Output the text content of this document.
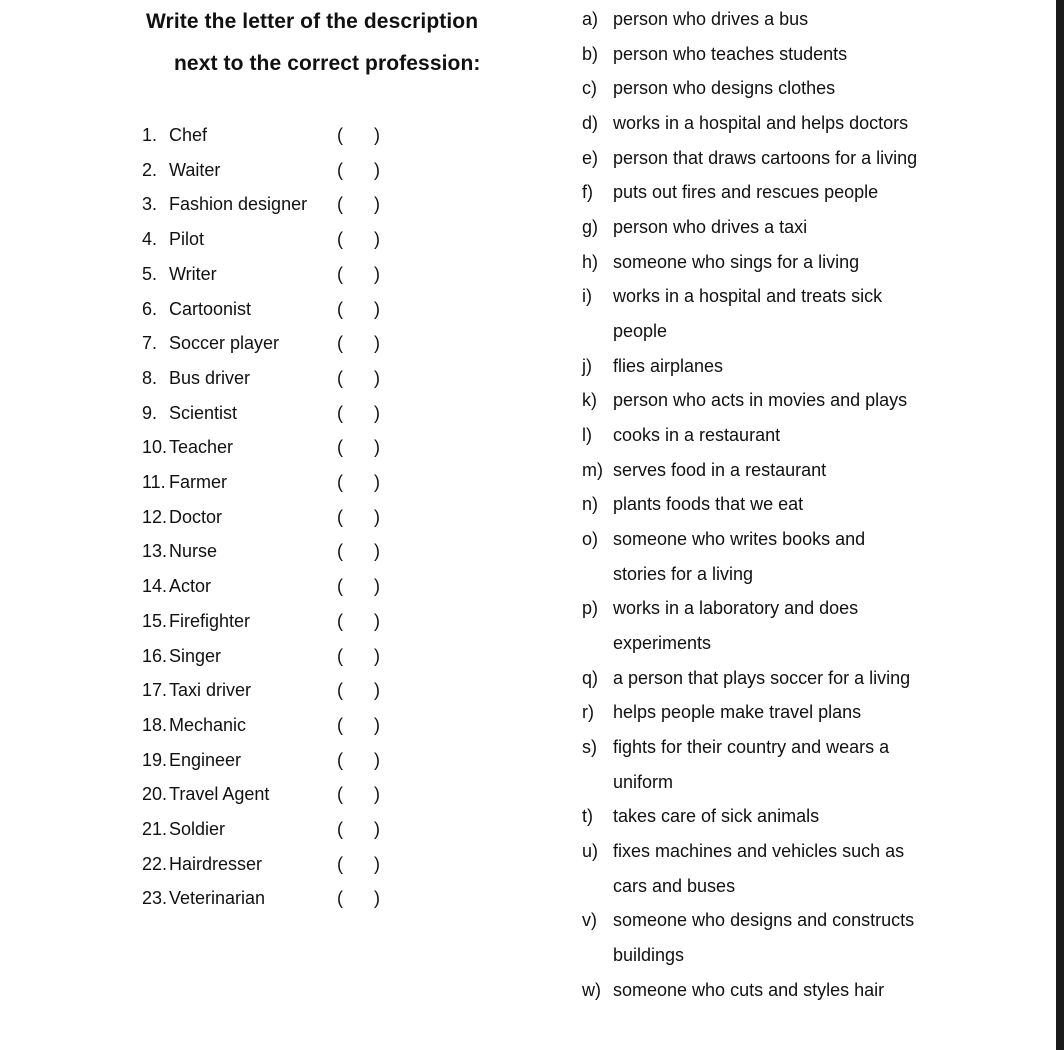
Write the letter of the description
next to the correct profession:
1. Chef	( )
2. Waiter	( )
3. Fashion designer ( )
4. Pilot	( )
5. Writer	( )
6. Cartoonist	( )
7. Soccer player	( )
8. Bus driver	( )
9. Scientist	( )
10. Teacher	( )
11. Farmer	( )
12. Doctor	( )
13. Nurse	( )
14. Actor	( )
15. Firefighter	( )
16. Singer	( )
17. Taxi driver	( )
18. Mechanic	( )
19. Engineer	( )
20. Travel Agent	( )
21. Soldier	( )
22. Hairdresser	( )
23. Veterinarian	( )
a) person who drives a bus
b) person who teaches students
c) person who designs clothes
d) works in a hospital and helps doctors
e) person that draws cartoons for a living
f) puts out fires and rescues people
g) person who drives a taxi
h) someone who sings for a living
i) works in a hospital and treats sick
people
j) flies airplanes
k) person who acts in movies and plays
l) cooks in a restaurant
m) serves food in a restaurant
n) plants foods that we eat
o) someone who writes books and
stories for a living
p) works in a laboratory and does
experiments
q) a person that plays soccer for a living
r) helps people make travel plans
s) fights for their country and wears a
uniform
t) takes care of sick animals
u) fixes machines and vehicles such as
cars and buses
v) someone who designs and constructs
buildings
w) someone who cuts and styles hair
